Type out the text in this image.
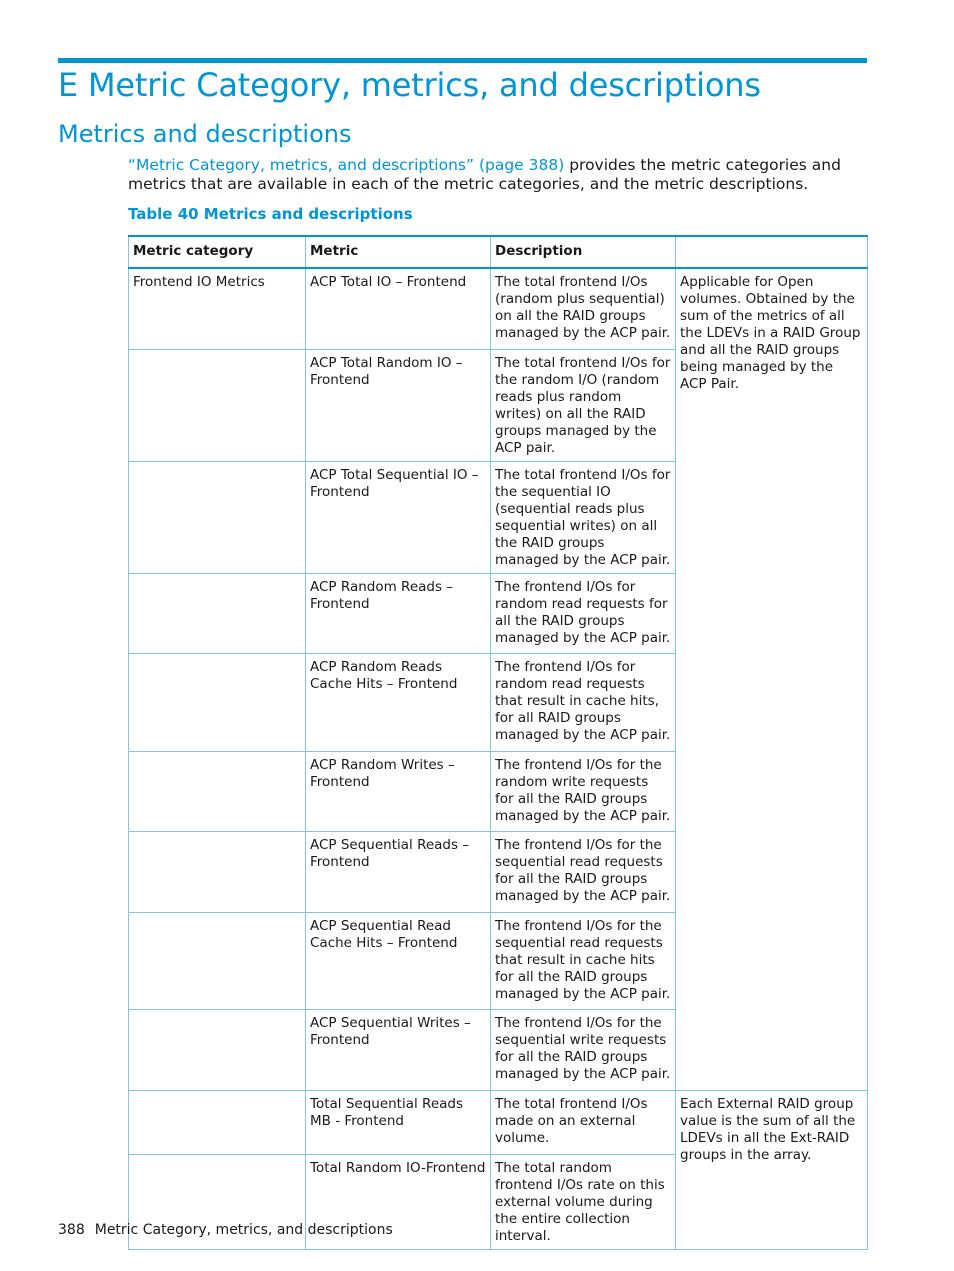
E Metric Category, metrics, and descriptions
Metrics and descriptions

“Metric Category, metrics, and descriptions” (page 388) provides the metric categories and metrics that are available in each of the metric categories, and the metric descriptions.

Table 40 Metrics and descriptions

Metric category	Metric	Description	
Frontend IO Metrics	ACP Total IO – Frontend	The total frontend I/Os (random plus sequential) on all the RAID groups managed by the ACP pair.	Applicable for Open volumes. Obtained by the sum of the metrics of all the LDEVs in a RAID Group and all the RAID groups being managed by the ACP Pair.
	ACP Total Random IO – Frontend	The total frontend I/Os for the random I/O (random reads plus random writes) on all the RAID groups managed by the ACP pair.	
	ACP Total Sequential IO – Frontend	The total frontend I/Os for the sequential IO (sequential reads plus sequential writes) on all the RAID groups managed by the ACP pair.	
	ACP Random Reads – Frontend	The frontend I/Os for random read requests for all the RAID groups managed by the ACP pair.	
	ACP Random Reads Cache Hits – Frontend	The frontend I/Os for random read requests that result in cache hits, for all RAID groups managed by the ACP pair.	
	ACP Random Writes – Frontend	The frontend I/Os for the random write requests for all the RAID groups managed by the ACP pair.	
	ACP Sequential Reads – Frontend	The frontend I/Os for the sequential read requests for all the RAID groups managed by the ACP pair.	
	ACP Sequential Read Cache Hits – Frontend	The frontend I/Os for the sequential read requests that result in cache hits for all the RAID groups managed by the ACP pair.	
	ACP Sequential Writes – Frontend	The frontend I/Os for the sequential write requests for all the RAID groups managed by the ACP pair.	
	Total Sequential Reads MB - Frontend	The total frontend I/Os made on an external volume.	Each External RAID group value is the sum of all the LDEVs in all the Ext-RAID groups in the array.
	Total Random IO-Frontend	The total random frontend I/Os rate on this external volume during the entire collection interval.	
388 Metric Category, metrics, and descriptions
